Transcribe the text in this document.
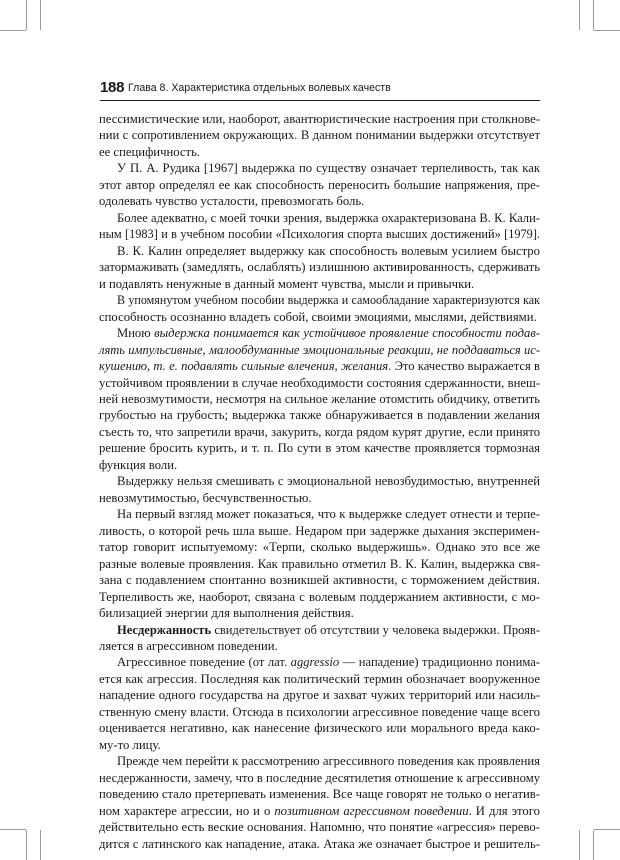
188 Глава 8. Характеристика отдельных волевых качеств
пессимистические или, наоборот, авантюристические настроения при столкнове-
нии с сопротивлением окружающих. В данном понимании выдержки отсутствует
ее специфичность.
У П. А. Рудика [1967] выдержка по существу означает терпеливость, так как
этот автор определял ее как способность переносить большие напряжения, пре-
одолевать чувство усталости, превозмогать боль.
Более адекватно, с моей точки зрения, выдержка охарактеризована В. К. Кали-
ным [1983] и в учебном пособии «Психология спорта высших достижений» [1979].
В. К. Калин определяет выдержку как способность волевым усилием быстро
затормаживать (замедлять, ослаблять) излишнюю активированность, сдерживать
и подавлять ненужные в данный момент чувства, мысли и привычки.
В упомянутом учебном пособии выдержка и самообладание характеризуются как
способность осознанно владеть собой, своими эмоциями, мыслями, действиями.
Мною выдержка понимается как устойчивое проявление способности подав-
лять импульсивные, малообдуманные эмоциональные реакции, не поддаваться ис-
кушению, т. е. подавлять сильные влечения, желания. Это качество выражается в
устойчивом проявлении в случае необходимости состояния сдержанности, внеш-
ней невозмутимости, несмотря на сильное желание отомстить обидчику, ответить
грубостью на грубость; выдержка также обнаруживается в подавлении желания
съесть то, что запретили врачи, закурить, когда рядом курят другие, если принято
решение бросить курить, и т. п. По сути в этом качестве проявляется тормозная
функция воли.
Выдержку нельзя смешивать с эмоциональной невозбудимостью, внутренней
невозмутимостью, бесчувственностью.
На первый взгляд может показаться, что к выдержке следует отнести и терпе-
ливость, о которой речь шла выше. Недаром при задержке дыхания эксперимен-
татор говорит испытуемому: «Терпи, сколько выдержишь». Однако это все же
разные волевые проявления. Как правильно отметил В. К. Калин, выдержка свя-
зана с подавлением спонтанно возникшей активности, с торможением действия.
Терпеливость же, наоборот, связана с волевым поддержанием активности, с мо-
билизацией энергии для выполнения действия.
Несдержанность свидетельствует об отсутствии у человека выдержки. Прояв-
ляется в агрессивном поведении.
Агрессивное поведение (от лат. aggressio — нападение) традиционно понима-
ется как агрессия. Последняя как политический термин обозначает вооруженное
нападение одного государства на другое и захват чужих территорий или насиль-
ственную смену власти. Отсюда в психологии агрессивное поведение чаще всего
оценивается негативно, как нанесение физического или морального вреда како-
му-то лицу.
Прежде чем перейти к рассмотрению агрессивного поведения как проявления
несдержанности, замечу, что в последние десятилетия отношение к агрессивному
поведению стало претерпевать изменения. Все чаще говорят не только о негатив-
ном характере агрессии, но и о позитивном агрессивном поведении. И для этого
действительно есть веские основания. Напомню, что понятие «агрессия» перево-
дится с латинского как нападение, атака. Атака же означает быстрое и решитель-
